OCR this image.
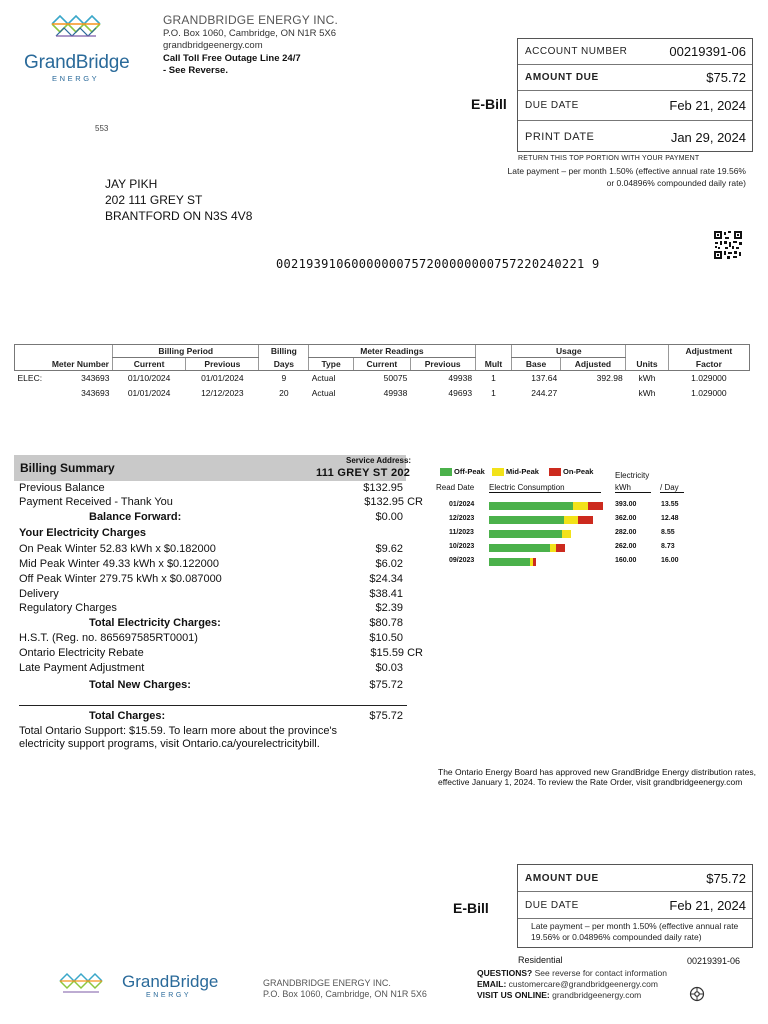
GrandBridge
ENERGY
GRANDBRIDGE ENERGY INC.
P.O. Box 1060, Cambridge, ON N1R 5X6
grandbridgeenergy.com
Call Toll Free Outage Line 24/7
- See Reverse.
ACCOUNT NUMBER	00219391-06
AMOUNT DUE	$75.72
DUE DATE	Feb 21, 2024
PRINT DATE	Jan 29, 2024
E-Bill
RETURN THIS TOP PORTION WITH YOUR PAYMENT
Late payment – per month 1.50% (effective annual rate 19.56% or 0.04896% compounded daily rate)
553
JAY PIKH
202 111 GREY ST
BRANTFORD ON N3S 4V8
00219391060000000757200000000757220240221 9
		Billing Period		Billing	Meter Readings				Usage			Adjustment
Meter Number		Current	Previous	Days	Type	Current	Previous	Mult	Base	Adjusted	Units	Factor
ELEC:	343693	01/10/2024	01/01/2024	9	Actual	50075	49938	1	137.64	392.98	kWh	1.029000
	343693	01/01/2024	12/12/2023	20	Actual	49938	49693	1	244.27		kWh	1.029000
Billing Summary
Service Address:
111 GREY ST 202
Previous Balance	$132.95
Payment Received - Thank You	$132.95 CR
Balance Forward:	$0.00
Your Electricity Charges
On Peak Winter 52.83 kWh x $0.182000	$9.62
Mid Peak Winter 49.33 kWh x $0.122000	$6.02
Off Peak Winter 279.75 kWh x $0.087000	$24.34
Delivery	$38.41
Regulatory Charges	$2.39
Total Electricity Charges:	$80.78
H.S.T. (Reg. no. 865697585RT0001)	$10.50
Ontario Electricity Rebate	$15.59 CR
Late Payment Adjustment	$0.03
Total New Charges:	$75.72
Total Charges:	$75.72
Total Ontario Support: $15.59. To learn more about the province's electricity support programs, visit Ontario.ca/yourelectricitybill.
Off-Peak	Mid-Peak	On-Peak	Electricity
Read Date Electric Consumption	kWh	/ Day
01/2024	393.00	13.55
12/2023	362.00	12.48
11/2023	282.00	8.55
10/2023	262.00	8.73
09/2023	160.00	16.00
The Ontario Energy Board has approved new GrandBridge Energy distribution rates, effective January 1, 2024. To review the Rate Order, visit grandbridgeenergy.com
E-Bill
AMOUNT DUE	$75.72
DUE DATE	Feb 21, 2024
Late payment – per month 1.50% (effective annual rate 19.56% or 0.04896% compounded daily rate)
Residential	00219391-06
QUESTIONS? See reverse for contact information
EMAIL: customercare@grandbridgeenergy.com
VISIT US ONLINE: grandbridgeenergy.com
GrandBridge
ENERGY
GRANDBRIDGE ENERGY INC.
P.O. Box 1060, Cambridge, ON N1R 5X6
